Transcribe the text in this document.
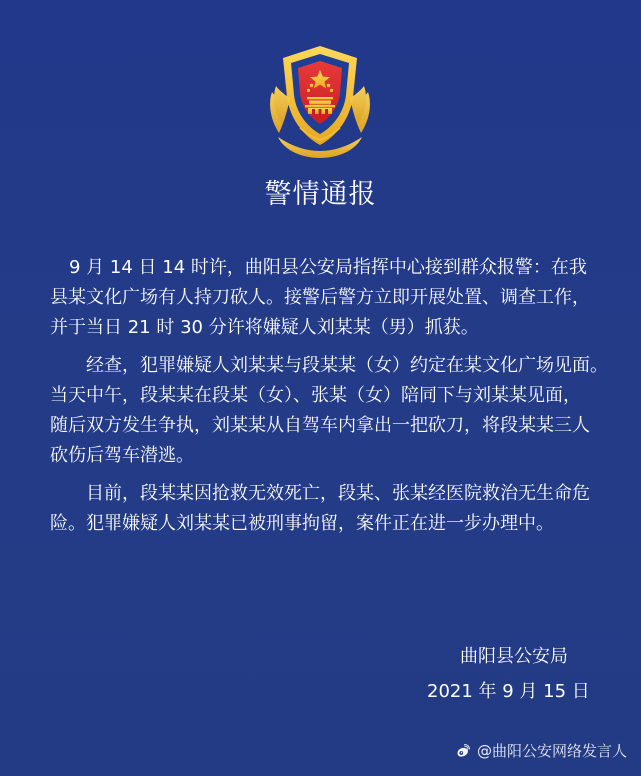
警情通报
9 月 14 日 14 时许，曲阳县公安局指挥中心接到群众报警：在我
县某文化广场有人持刀砍人。接警后警方立即开展处置、调查工作，
并于当日 21 时 30 分许将嫌疑人刘某某（男）抓获。
经查，犯罪嫌疑人刘某某与段某某（女）约定在某文化广场见面。
当天中午，段某某在段某（女）、张某（女）陪同下与刘某某见面，
随后双方发生争执，刘某某从自驾车内拿出一把砍刀，将段某某三人
砍伤后驾车潜逃。
目前，段某某因抢救无效死亡，段某、张某经医院救治无生命危
险。犯罪嫌疑人刘某某已被刑事拘留，案件正在进一步办理中。
曲阳县公安局
2021 年 9 月 15 日
@曲阳公安网络发言人
